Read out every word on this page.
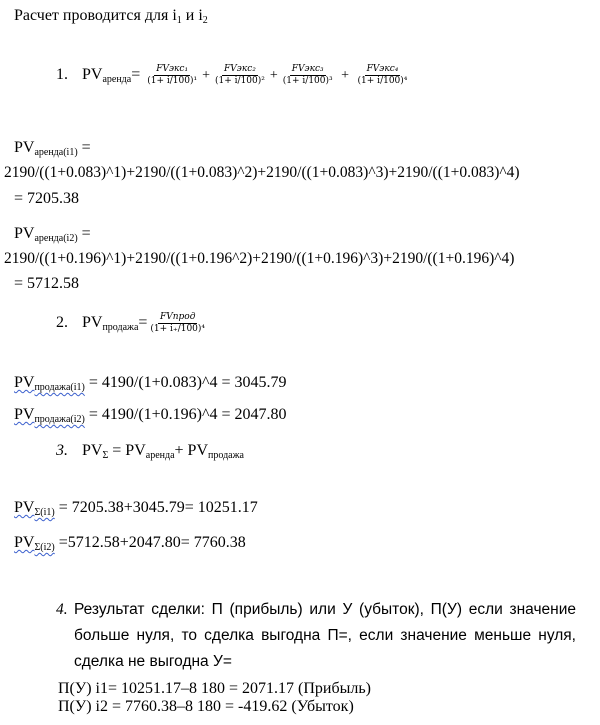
Расчет проводится для i1 и i2
1. PVаренда= $\frac{\text{FVэкс₁}}{\text{(1+ i/100)¹}} + \frac{\text{FVэкс₂}}{\text{(1+ i/100)²}} + \frac{\text{FVэкс₃}}{\text{(1+ i/100)³}} + \frac{\text{FVэкс₄}}{\text{(1+ i/100)⁴}}$
PVаренда(i1) =
2190/((1+0.083)^1)+2190/((1+0.083)^2)+2190/((1+0.083)^3)+2190/((1+0.083)^4)
= 7205.38
PVаренда(i2) =
2190/((1+0.196)^1)+2190/((1+0.196^2)+2190/((1+0.196)^3)+2190/((1+0.196)^4)
= 5712.58
2. PVпродажа= $\frac{\text{FVпрод}}{\text{(1+ i₊/100)⁴}}$
PVпродажа(i1) = 4190/(1+0.083)^4 = 3045.79
PVпродажа(i2) = 4190/(1+0.196)^4 = 2047.80
3. PVΣ = PVаренда+ PVпродажа
PVΣ(i1) = 7205.38+3045.79= 10251.17
PVΣ(i2) =5712.58+2047.80= 7760.38
4. Результат сделки: П (прибыль) или У (убыток), П(У) если значение больше нуля, то сделка выгодна П=, если значение меньше нуля, сделка не выгодна У=
П(У) i1= 10251.17–8 180 = 2071.17 (Прибыль)
П(У) i2 = 7760.38–8 180 = -419.62 (Убыток)
